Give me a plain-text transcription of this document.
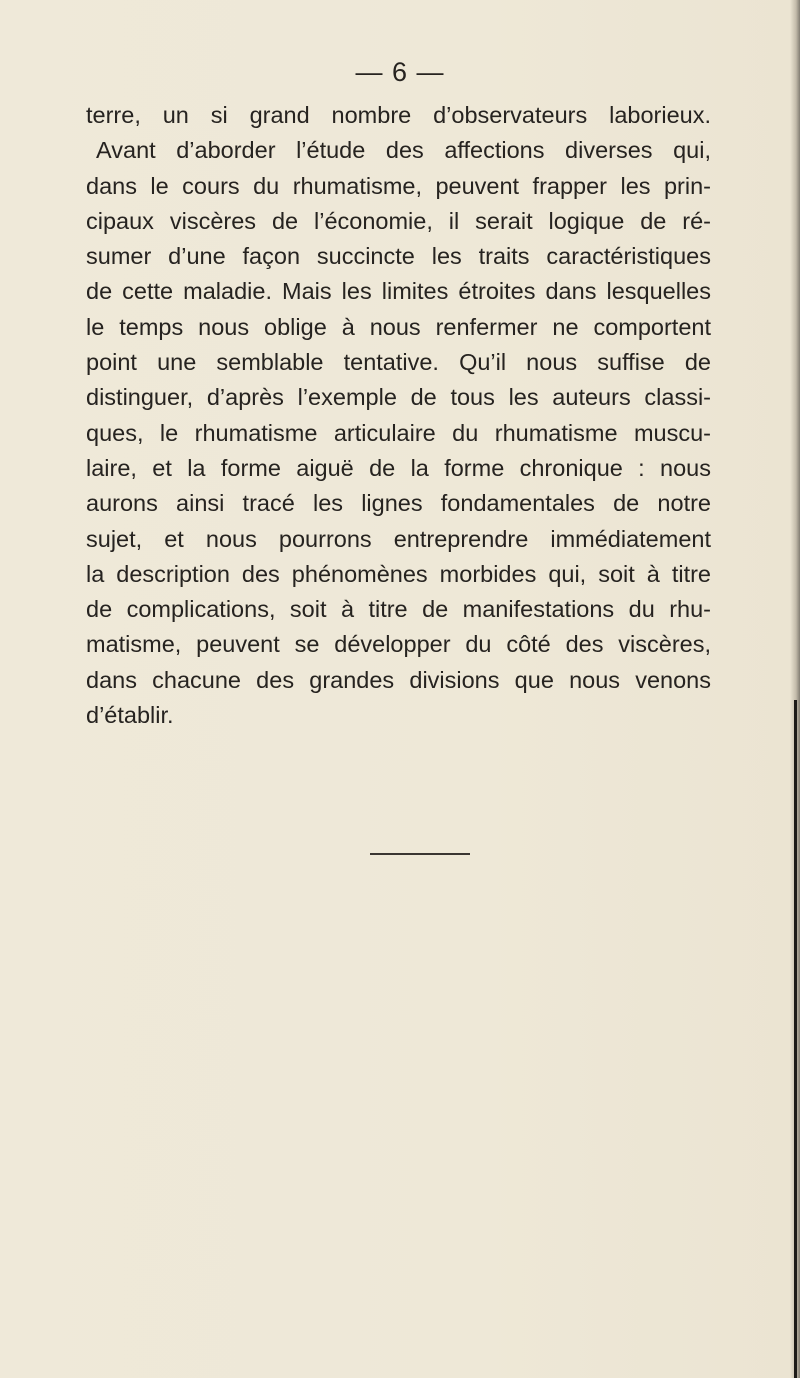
— 6 —
terre, un si grand nombre d’observateurs laborieux.
Avant d’aborder l’étude des affections diverses qui,
dans le cours du rhumatisme, peuvent frapper les prin-
cipaux viscères de l’économie, il serait logique de ré-
sumer d’une façon succincte les traits caractéristiques
de cette maladie. Mais les limites étroites dans lesquelles
le temps nous oblige à nous renfermer ne comportent
point une semblable tentative. Qu’il nous suffise de
distinguer, d’après l’exemple de tous les auteurs classi-
ques, le rhumatisme articulaire du rhumatisme muscu-
laire, et la forme aiguë de la forme chronique : nous
aurons ainsi tracé les lignes fondamentales de notre
sujet, et nous pourrons entreprendre immédiatement
la description des phénomènes morbides qui, soit à titre
de complications, soit à titre de manifestations du rhu-
matisme, peuvent se développer du côté des viscères,
dans chacune des grandes divisions que nous venons
d’établir.
